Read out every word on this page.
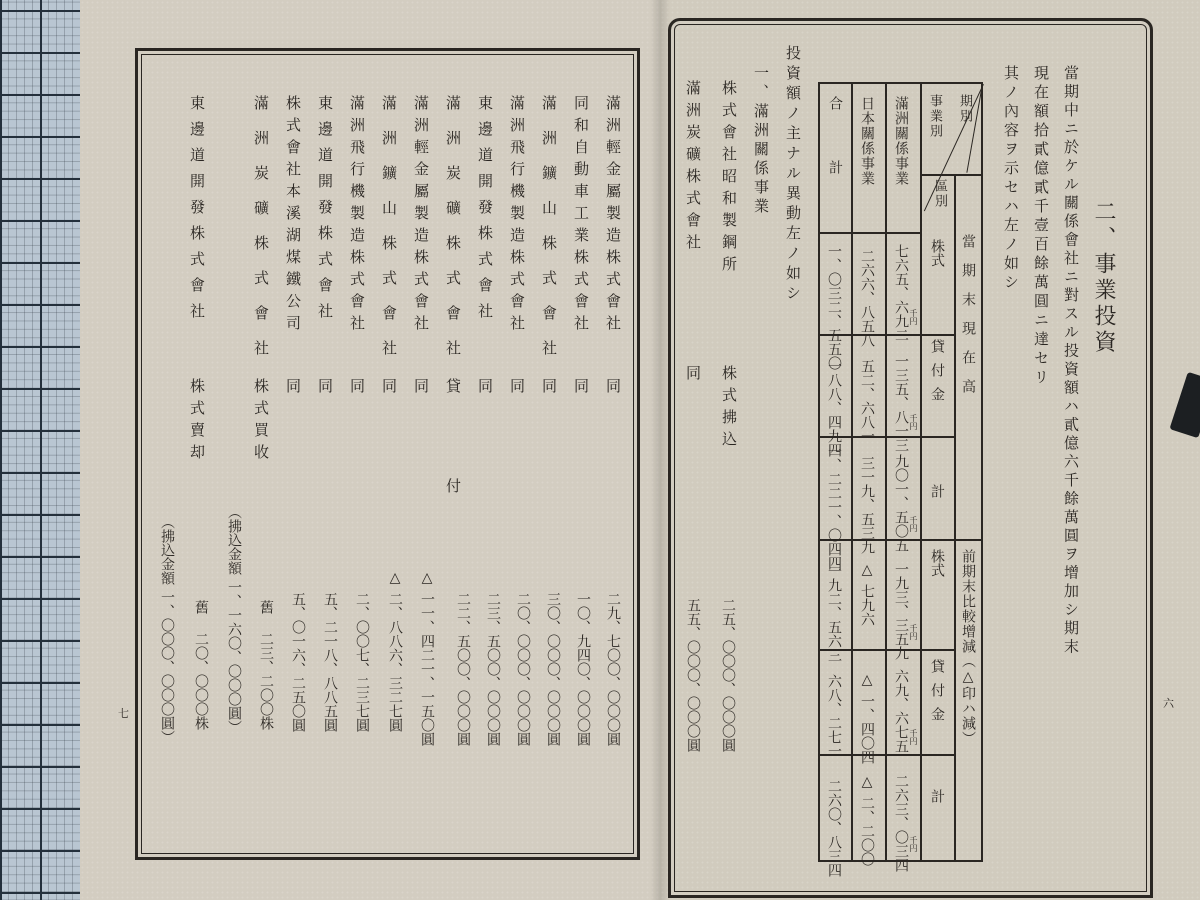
二、事業投資
當期中ニ於ケル關係會社ニ對スル投資額ハ貳億六千餘萬圓ヲ增加シ期末
現在額拾貳億貳千壹百餘萬圓ニ達セリ
其ノ內容ヲ示セハ左ノ如シ
期別
區別
事業別
滿洲關係事業
日本關係事業
合計
當期末現在高
前期末比較增減（△印ハ減）
株式
貸付金
計
株式
貸付金
計
七六五、六九二
一三五、八一三
九〇一、五〇五
一九三、三五九
六九、六七五
二六三、〇三四
千円
千円
千円
千円
千円
千円
二六六、八五八
五二、六八一
三一九、五三九
△
七九六
△
一、四〇四
△
二、二〇〇
一、〇三二、五五〇
一八八、四九四
一、二二一、〇四四
一九二、五六三
六八、二七一
二六〇、八三四
投資額ノ主ナル異動左ノ如シ
一、滿洲關係事業
株式會社昭和製鋼所
株式拂込
二五、〇〇〇、〇〇〇圓
滿洲炭礦株式會社
同
五五、〇〇〇、〇〇〇圓	六
滿洲輕金屬製造株式會社
同
二九、七〇〇、〇〇〇圓
同和自動車工業株式會社
同
一〇、九四〇、〇〇〇圓
滿洲鑛山株式會社
同
三〇、〇〇〇、〇〇〇圓
滿洲飛行機製造株式會社
同
二〇、〇〇〇、〇〇〇圓
東邊道開發株式會社
同
二三、五〇〇、〇〇〇圓
滿洲炭礦株式會社
貸付
二二、五〇〇、〇〇〇圓
滿洲輕金屬製造株式會社
同
△
一一、四二一、一五〇圓
滿洲鑛山株式會社
同
△
二、八八六、三二七圓
滿洲飛行機製造株式會社
同
二、〇〇七、二三七圓
東邊道開發株式會社
同
五、二一八、八八五圓
株式會社本溪湖煤鐵公司
同
五、〇一六、二五〇圓
滿洲炭礦株式會社
株式買收
舊
二三、二〇〇株
（拂込金額
一、一六〇、〇〇〇圓）
東邊道開發株式會社
株式賣却
舊
二〇、〇〇〇株
（拂込金額
一、〇〇〇、〇〇〇圓）
七
